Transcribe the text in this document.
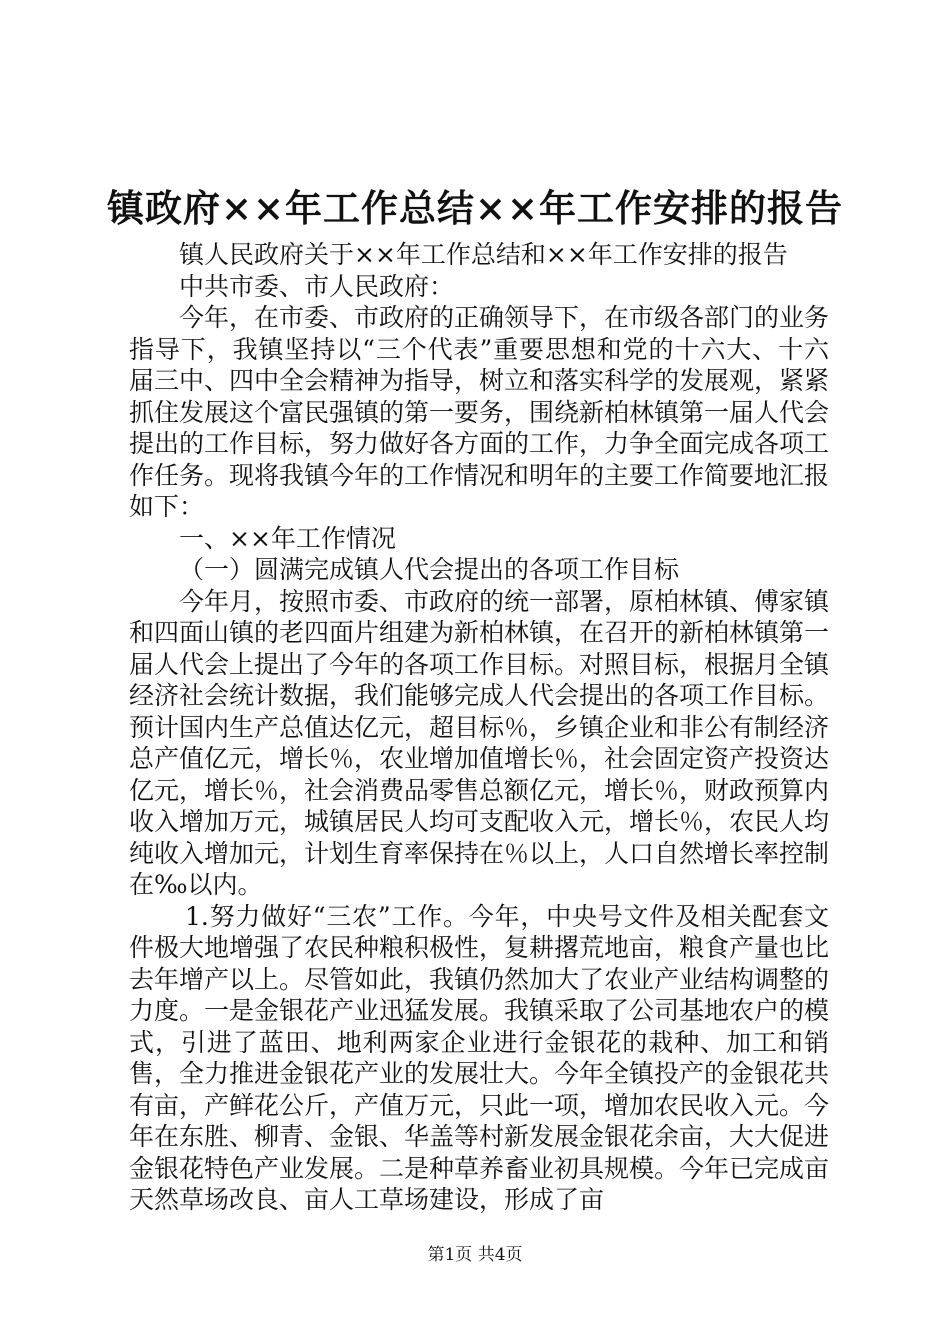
镇政府××年工作总结××年工作安排的报告

镇人民政府关于××年工作总结和××年工作安排的报告

中共市委、市人民政府：

今年，在市委、市政府的正确领导下，在市级各部门的业务指导下，我镇坚持以“三个代表”重要思想和党的十六大、十六届三中、四中全会精神为指导，树立和落实科学的发展观，紧紧抓住发展这个富民强镇的第一要务，围绕新柏林镇第一届人代会提出的工作目标，努力做好各方面的工作，力争全面完成各项工作任务。现将我镇今年的工作情况和明年的主要工作简要地汇报如下：

一、××年工作情况

（一）圆满完成镇人代会提出的各项工作目标

今年月，按照市委、市政府的统一部署，原柏林镇、傅家镇和四面山镇的老四面片组建为新柏林镇，在召开的新柏林镇第一届人代会上提出了今年的各项工作目标。对照目标，根据月全镇经济社会统计数据，我们能够完成人代会提出的各项工作目标。预计国内生产总值达亿元，超目标％，乡镇企业和非公有制经济总产值亿元，增长％，农业增加值增长％，社会固定资产投资达亿元，增长％，社会消费品零售总额亿元，增长％，财政预算内收入增加万元，城镇居民人均可支配收入元，增长％，农民人均纯收入增加元，计划生育率保持在％以上，人口自然增长率控制在‰以内。

1.努力做好“三农”工作。今年，中央号文件及相关配套文件极大地增强了农民种粮积极性，复耕撂荒地亩，粮食产量也比去年增产以上。尽管如此，我镇仍然加大了农业产业结构调整的力度。一是金银花产业迅猛发展。我镇采取了公司基地农户的模式，引进了蓝田、地利两家企业进行金银花的栽种、加工和销售，全力推进金银花产业的发展壮大。今年全镇投产的金银花共有亩，产鲜花公斤，产值万元，只此一项，增加农民收入元。今年在东胜、柳青、金银、华盖等村新发展金银花余亩，大大促进金银花特色产业发展。二是种草养畜业初具规模。今年已完成亩天然草场改良、亩人工草场建设，形成了亩

第1页 共4页
